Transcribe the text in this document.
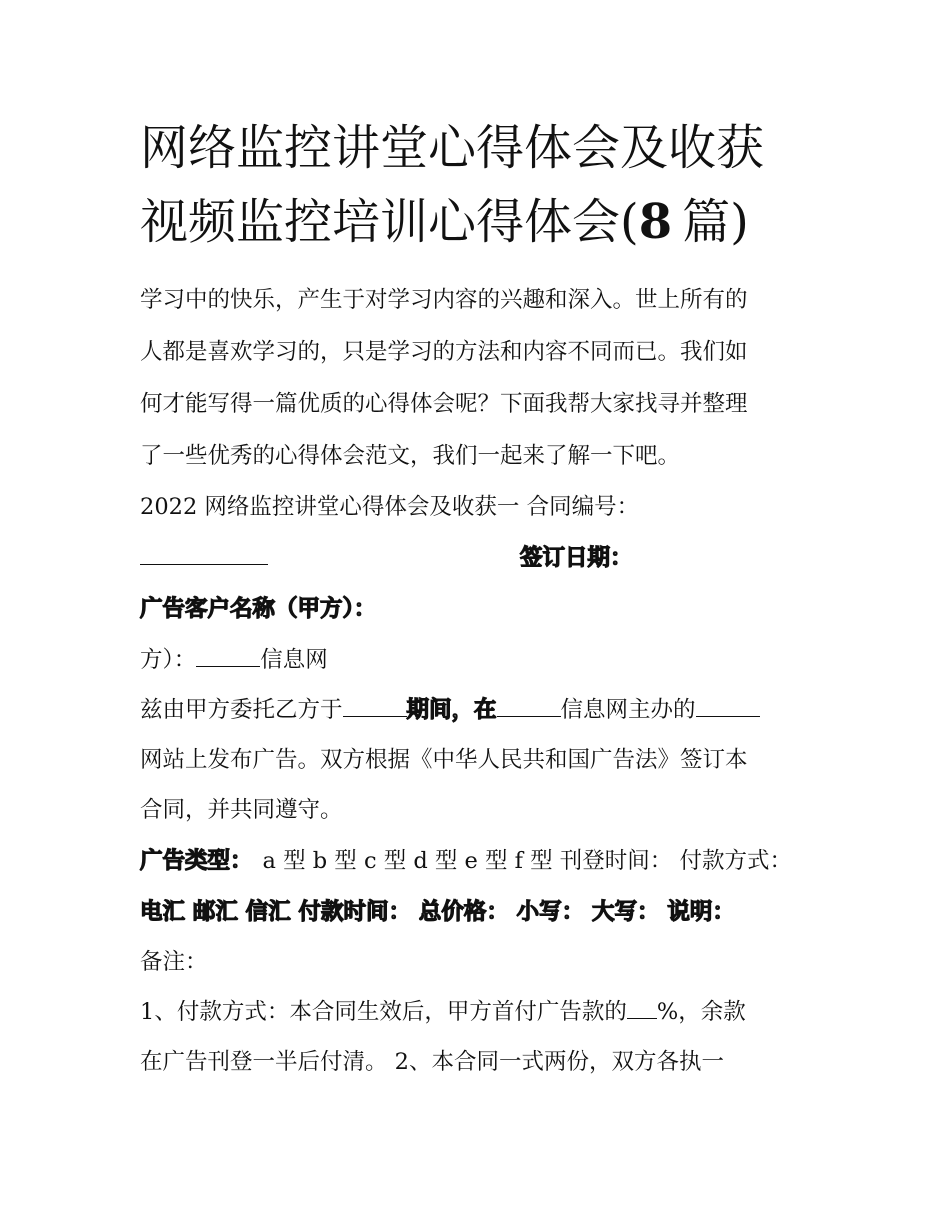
网络监控讲堂心得体会及收获
视频监控培训心得体会(8 篇)
学习中的快乐，产生于对学习内容的兴趣和深入。世上所有的
人都是喜欢学习的，只是学习的方法和内容不同而已。我们如
何才能写得一篇优质的心得体会呢？下面我帮大家找寻并整理
了一些优秀的心得体会范文，我们一起来了解一下吧。
2022 网络监控讲堂心得体会及收获一 合同编号：
签订日期：
广告客户名称（甲方）：
方）：	信息网
兹由甲方委托乙方于	期间，在	信息网主办的
网站上发布广告。双方根据《中华人民共和国广告法》签订本
合同，并共同遵守。
广告类型： a 型 b 型 c 型 d 型 e 型 f 型 刊登时间： 付款方式：
电汇 邮汇 信汇 付款时间： 总价格： 小写： 大写： 说明：
备注：
1、付款方式：本合同生效后，甲方首付广告款的 %，余款
在广告刊登一半后付清。 2、本合同一式两份，双方各执一
